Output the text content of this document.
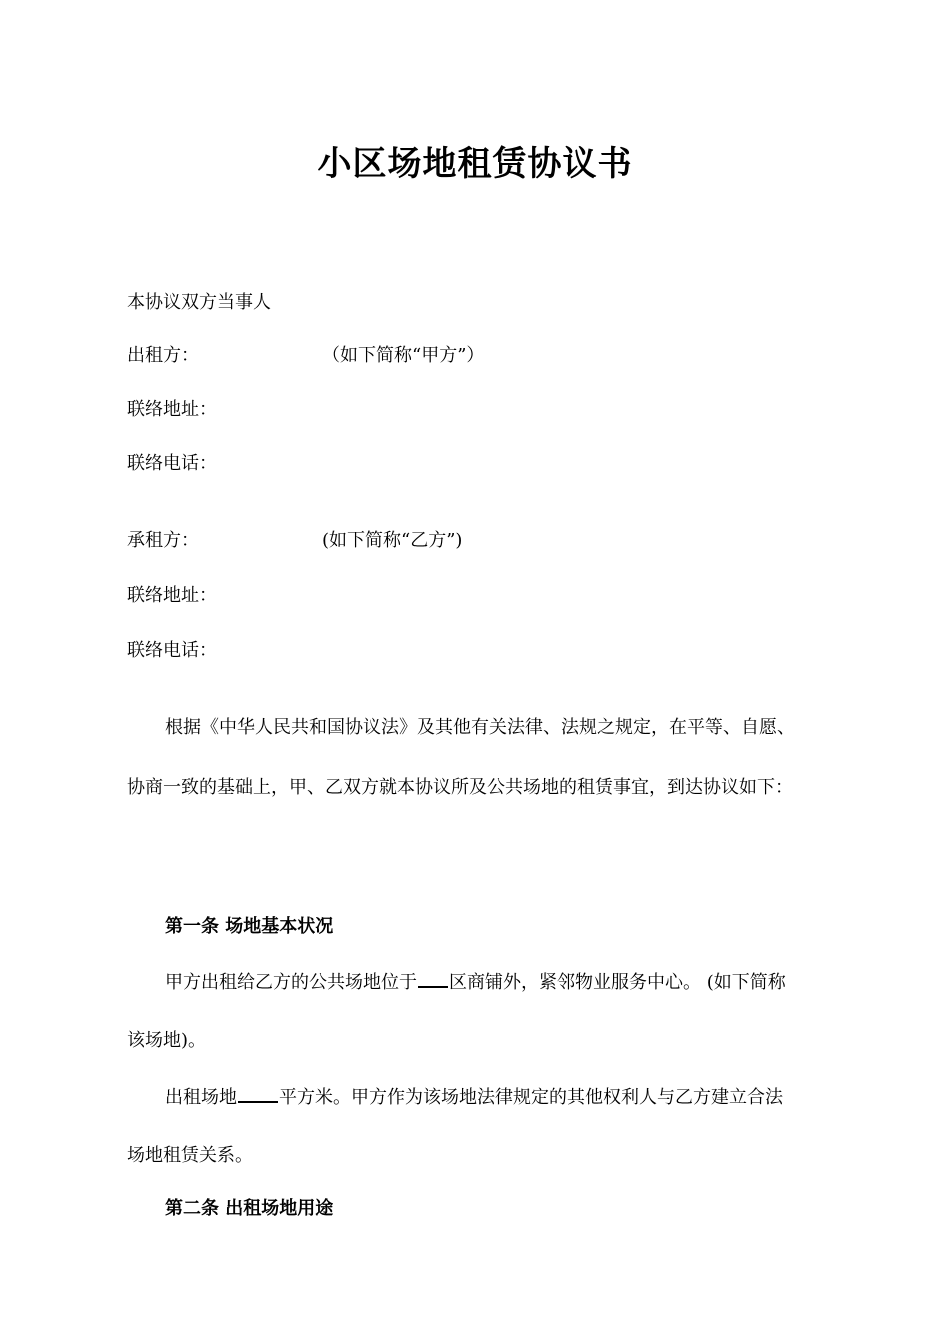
小区场地租赁协议书
本协议双方当事人
出租方：	（如下简称“甲方”）
联络地址：
联络电话：
承租方：	(如下简称“乙方”)
联络地址：
联络电话：
根据《中华人民共和国协议法》及其他有关法律、法规之规定，在平等、自愿、
协商一致的基础上，甲、乙双方就本协议所及公共场地的租赁事宜，到达协议如下：
第一条 场地基本状况
甲方出租给乙方的公共场地位于 区商铺外，紧邻物业服务中心。 (如下简称
该场地)。
出租场地 平方米。甲方作为该场地法律规定的其他权利人与乙方建立合法
场地租赁关系。
第二条 出租场地用途
